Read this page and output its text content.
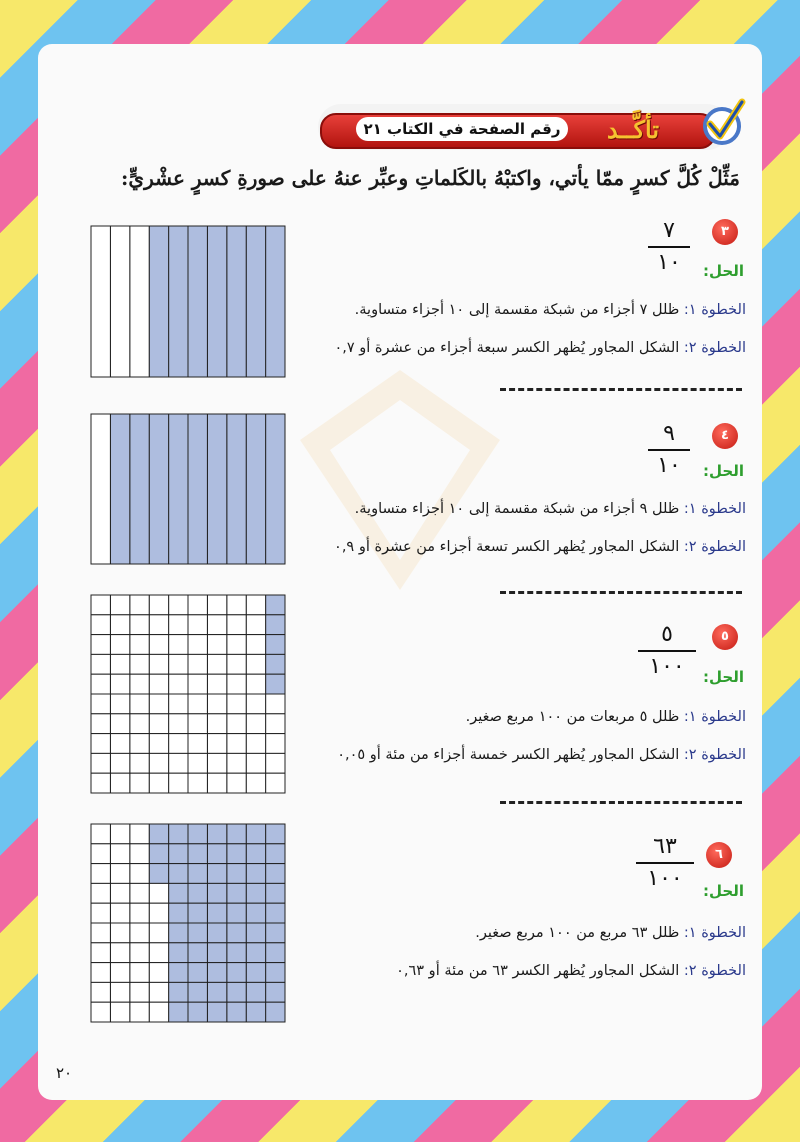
رقم الصفحة في الكتاب ٢١	تأكَّــد
مَثِّلْ كُلَّ كسرٍ ممّا يأتي، واكتبْهُ بالكَلماتِ وعبِّر عنهُ على صورةِ كسرٍ عشْريٍّ:
٣
٧
١٠	الحل:
الخطوة ١: ظلل ٧ أجزاء من شبكة مقسمة إلى ١٠ أجزاء متساوية.
الخطوة ٢: الشكل المجاور يُظهر الكسر سبعة أجزاء من عشرة أو ٠,٧
٤
٩
١٠	الحل:
الخطوة ١: ظلل ٩ أجزاء من شبكة مقسمة إلى ١٠ أجزاء متساوية.
الخطوة ٢: الشكل المجاور يُظهر الكسر تسعة أجزاء من عشرة أو ٠,٩
٥
٥
١٠٠	الحل:
الخطوة ١: ظلل ٥ مربعات من ١٠٠ مربع صغير.
الخطوة ٢: الشكل المجاور يُظهر الكسر خمسة أجزاء من مئة أو ٠,٠٥
٦
٦٣
١٠٠	الحل:
الخطوة ١: ظلل ٦٣ مربع من ١٠٠ مربع صغير.
الخطوة ٢: الشكل المجاور يُظهر الكسر ٦٣ من مئة أو ٠,٦٣
٢٠
